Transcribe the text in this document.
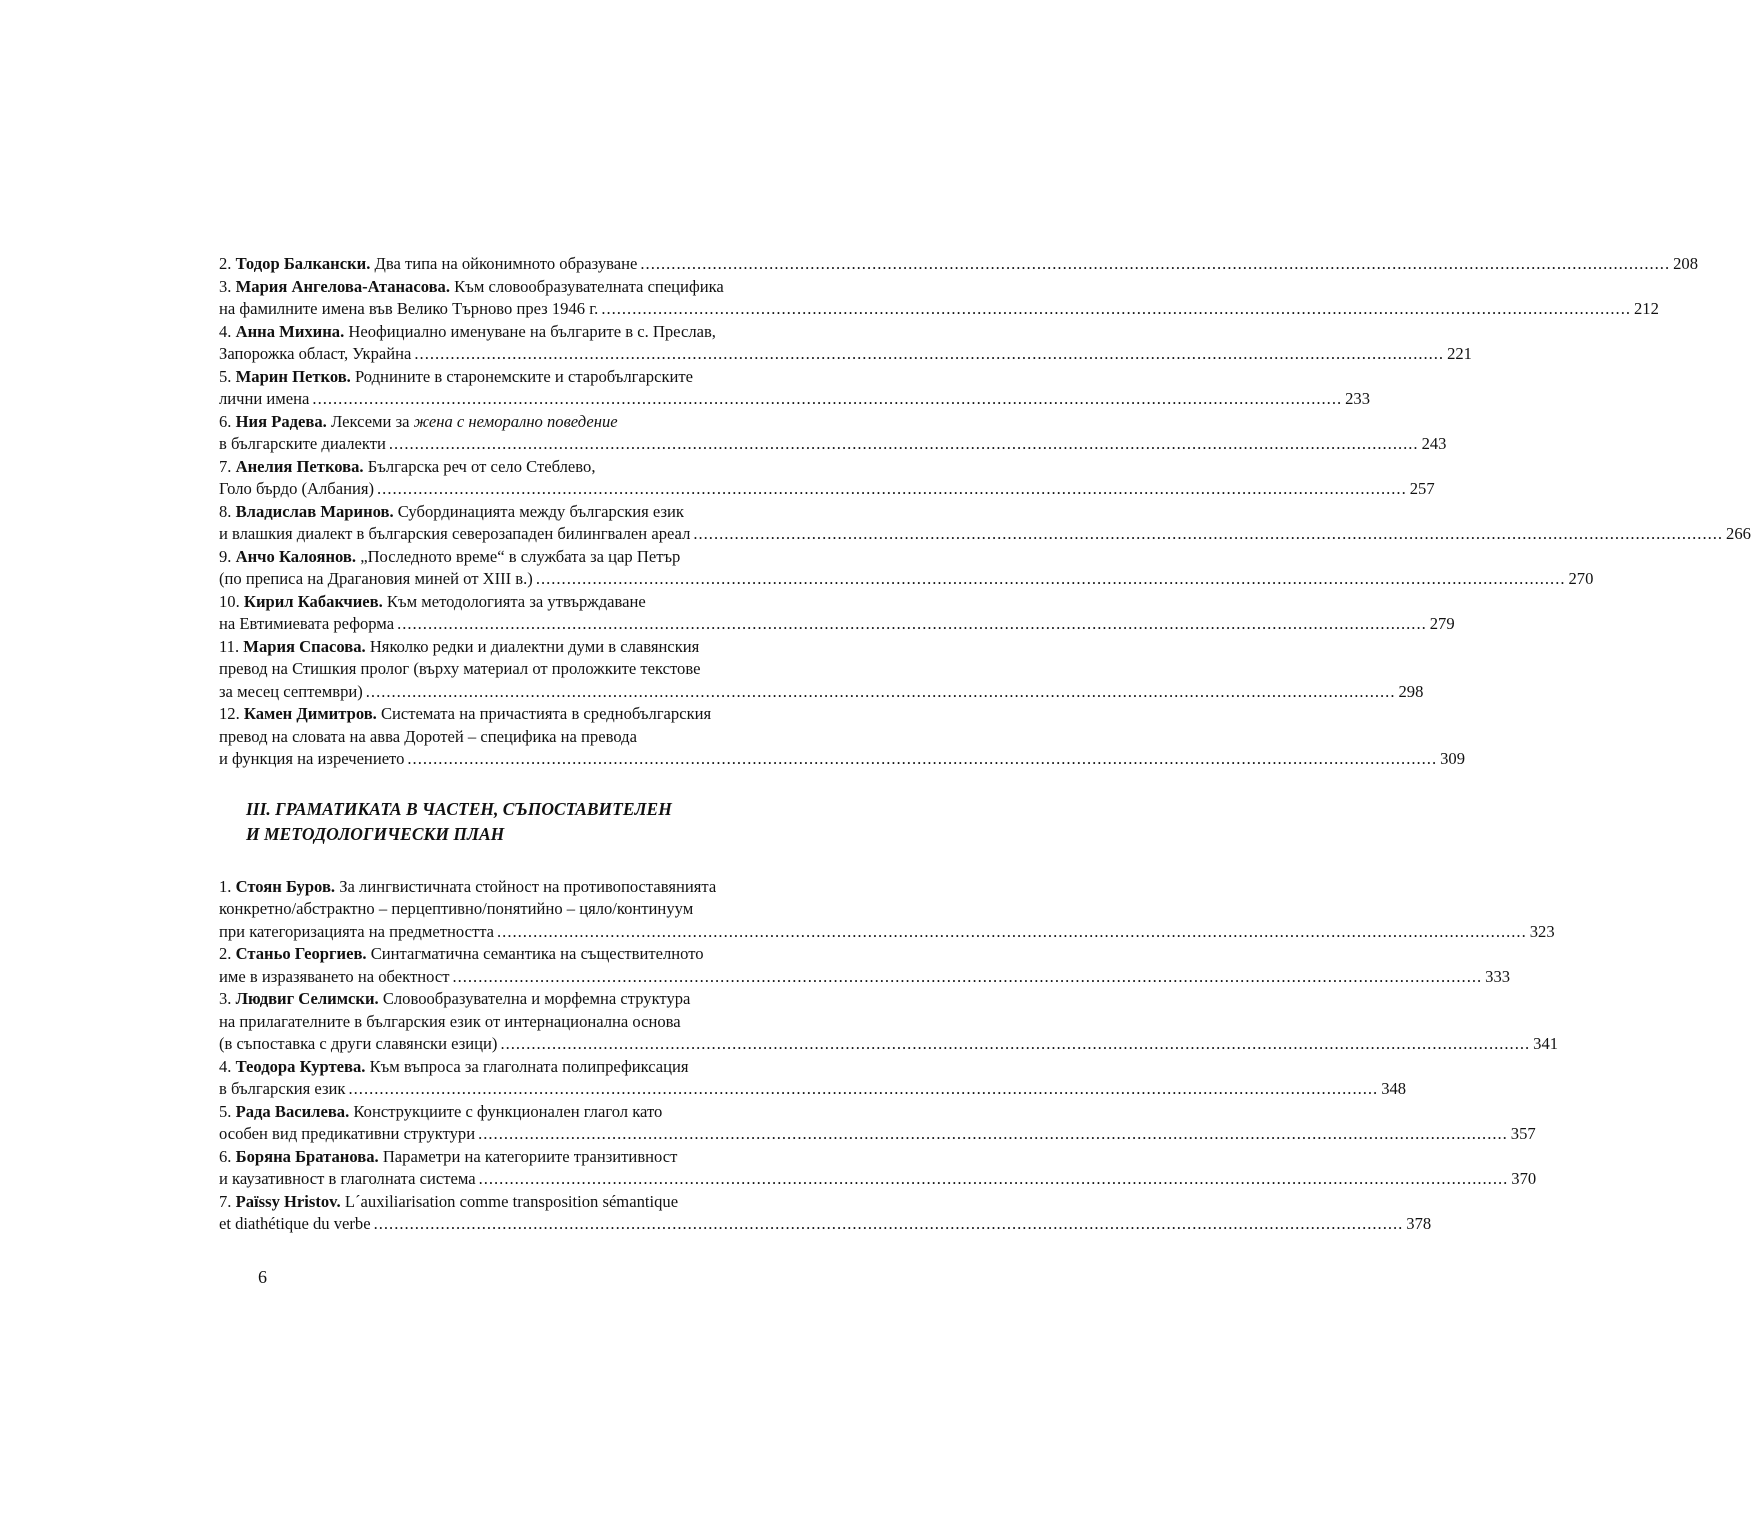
2. Тодор Балкански. Два типа на ойконимното образуване ........................................................................................................................................................................................................ 208
3. Мария Ангелова-Атанасова. Към словообразувателната специфика
на фамилните имена във Велико Търново през 1946 г. ........................................................................................................................................................................................................ 212
4. Анна Михина. Неофициално именуване на българите в с. Преслав,
Запорожка област, Украйна ........................................................................................................................................................................................................ 221
5. Марин Петков. Роднините в старонемските и старобългарските
лични имена ........................................................................................................................................................................................................ 233
6. Ния Радева. Лексеми за жена с неморално поведение
в българските диалекти ........................................................................................................................................................................................................ 243
7. Анелия Петкова. Българска реч от село Стеблево,
Голо бърдо (Албания) ........................................................................................................................................................................................................ 257
8. Владислав Маринов. Субординацията между българския език
и влашкия диалект в българския северозападен билингвален ареал ........................................................................................................................................................................................................ 266
9. Анчо Калоянов. „Последното време“ в службата за цар Петър
(по преписа на Драгановия миней от XIII в.) ........................................................................................................................................................................................................ 270
10. Кирил Кабакчиев. Към методологията за утвърждаване
на Евтимиевата реформа ........................................................................................................................................................................................................ 279
11. Мария Спасова. Няколко редки и диалектни думи в славянския
превод на Стишкия пролог (върху материал от проложките текстове
за месец септември) ........................................................................................................................................................................................................ 298
12. Камен Димитров. Системата на причастията в среднобългарския
превод на словата на авва Доротей – специфика на превода
и функция на изречението ........................................................................................................................................................................................................ 309
III. ГРАМАТИКАТА В ЧАСТЕН, СЪПОСТАВИТЕЛЕН
И МЕТОДОЛОГИЧЕСКИ ПЛАН
1. Стоян Буров. За лингвистичната стойност на противопоставянията
конкретно/абстрактно – перцептивно/понятийно – цяло/континуум
при категоризацията на предметността ........................................................................................................................................................................................................ 323
2. Станьо Георгиев. Синтагматична семантика на съществителното
име в изразяването на обектност ........................................................................................................................................................................................................ 333
3. Людвиг Селимски. Словообразувателна и морфемна структура
на прилагателните в българския език от интернационална основа
(в съпоставка с други славянски езици) ........................................................................................................................................................................................................ 341
4. Теодора Куртева. Към въпроса за глаголната полипрефиксация
в българския език ........................................................................................................................................................................................................ 348
5. Рада Василева. Конструкциите с функционален глагол като
особен вид предикативни структури ........................................................................................................................................................................................................ 357
6. Боряна Братанова. Параметри на категориите транзитивност
и каузативност в глаголната система ........................................................................................................................................................................................................ 370
7. Païssy Hristov. L´auxiliarisation comme transposition sémantique
et diathétique du verbe ........................................................................................................................................................................................................ 378
6
